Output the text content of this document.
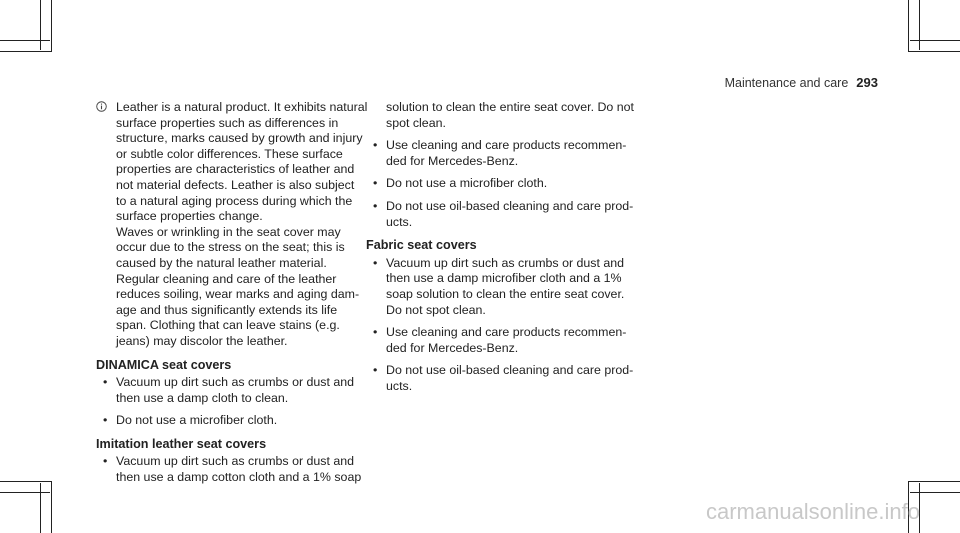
Maintenance and care 293
Leather is a natural product. It exhibits natural
surface properties such as differences in
structure, marks caused by growth and injury
or subtle color differences. These surface
properties are characteristics of leather and
not material defects. Leather is also subject
to a natural aging process during which the
surface properties change.
Waves or wrinkling in the seat cover may
occur due to the stress on the seat; this is
caused by the natural leather material.
Regular cleaning and care of the leather
reduces soiling, wear marks and aging dam-
age and thus significantly extends its life
span. Clothing that can leave stains (e.g.
jeans) may discolor the leather.
DINAMICA seat covers
• Vacuum up dirt such as crumbs or dust and
then use a damp cloth to clean.
• Do not use a microfiber cloth.
Imitation leather seat covers
• Vacuum up dirt such as crumbs or dust and
then use a damp cotton cloth and a 1% soap
solution to clean the entire seat cover. Do not
spot clean.
• Use cleaning and care products recommen-
ded for Mercedes-Benz.
• Do not use a microfiber cloth.
• Do not use oil-based cleaning and care prod-
ucts.
Fabric seat covers
• Vacuum up dirt such as crumbs or dust and
then use a damp microfiber cloth and a 1%
soap solution to clean the entire seat cover.
Do not spot clean.
• Use cleaning and care products recommen-
ded for Mercedes-Benz.
• Do not use oil-based cleaning and care prod-
ucts.
carmanualsonline.info
